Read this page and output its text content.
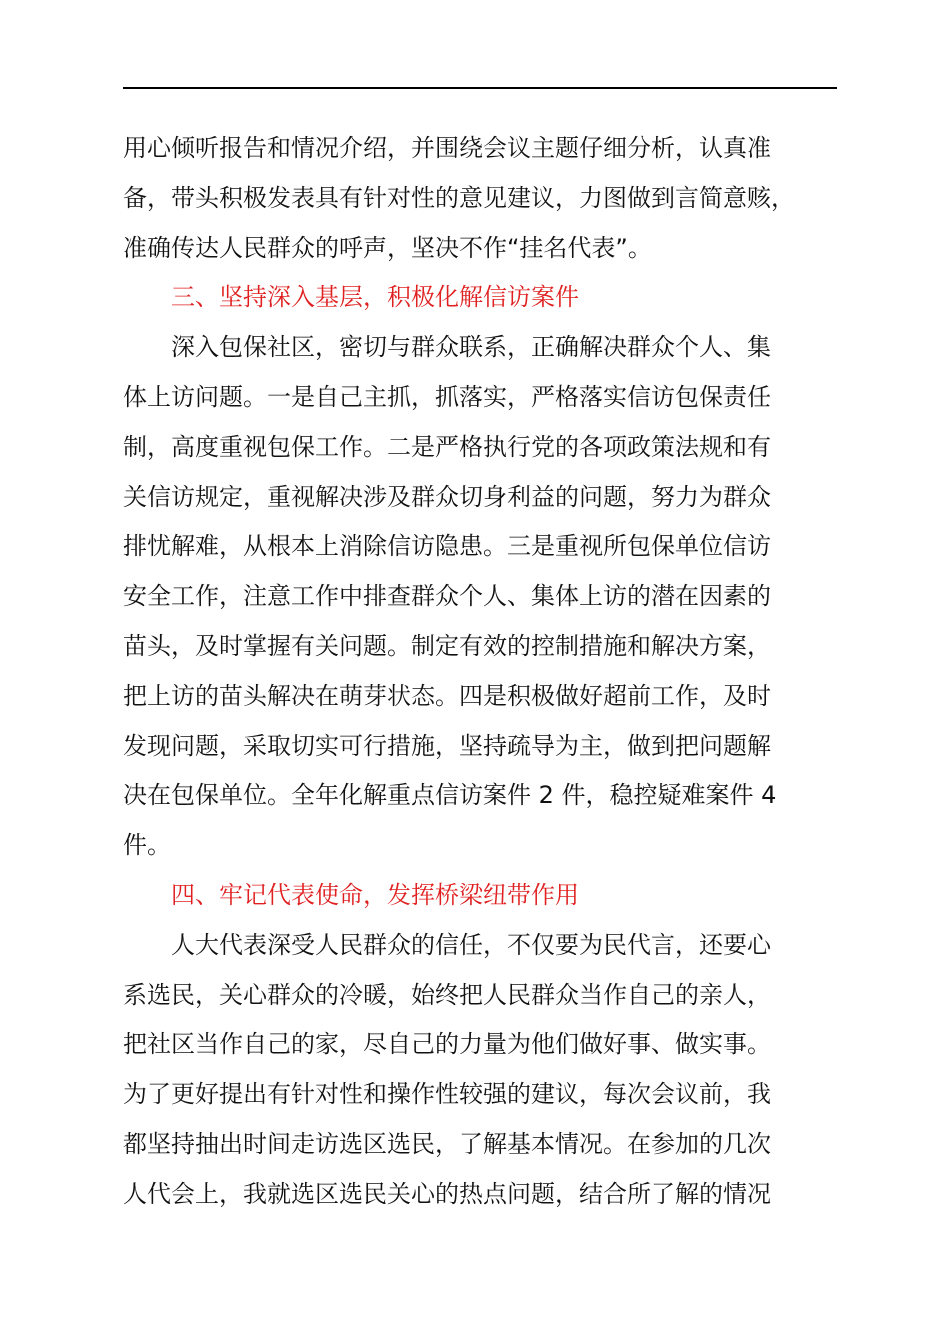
用心倾听报告和情况介绍，并围绕会议主题仔细分析，认真准
备，带头积极发表具有针对性的意见建议，力图做到言简意赅，
准确传达人民群众的呼声，坚决不作“挂名代表”。
三、坚持深入基层，积极化解信访案件
深入包保社区，密切与群众联系，正确解决群众个人、集
体上访问题。一是自己主抓，抓落实，严格落实信访包保责任
制，高度重视包保工作。二是严格执行党的各项政策法规和有
关信访规定，重视解决涉及群众切身利益的问题，努力为群众
排忧解难，从根本上消除信访隐患。三是重视所包保单位信访
安全工作，注意工作中排查群众个人、集体上访的潜在因素的
苗头，及时掌握有关问题。制定有效的控制措施和解决方案，
把上访的苗头解决在萌芽状态。四是积极做好超前工作，及时
发现问题，采取切实可行措施，坚持疏导为主，做到把问题解
决在包保单位。全年化解重点信访案件 2 件，稳控疑难案件 4
件。
四、牢记代表使命，发挥桥梁纽带作用
人大代表深受人民群众的信任，不仅要为民代言，还要心
系选民，关心群众的冷暖，始终把人民群众当作自己的亲人，
把社区当作自己的家，尽自己的力量为他们做好事、做实事。
为了更好提出有针对性和操作性较强的建议，每次会议前，我
都坚持抽出时间走访选区选民，了解基本情况。在参加的几次
人代会上，我就选区选民关心的热点问题，结合所了解的情况
